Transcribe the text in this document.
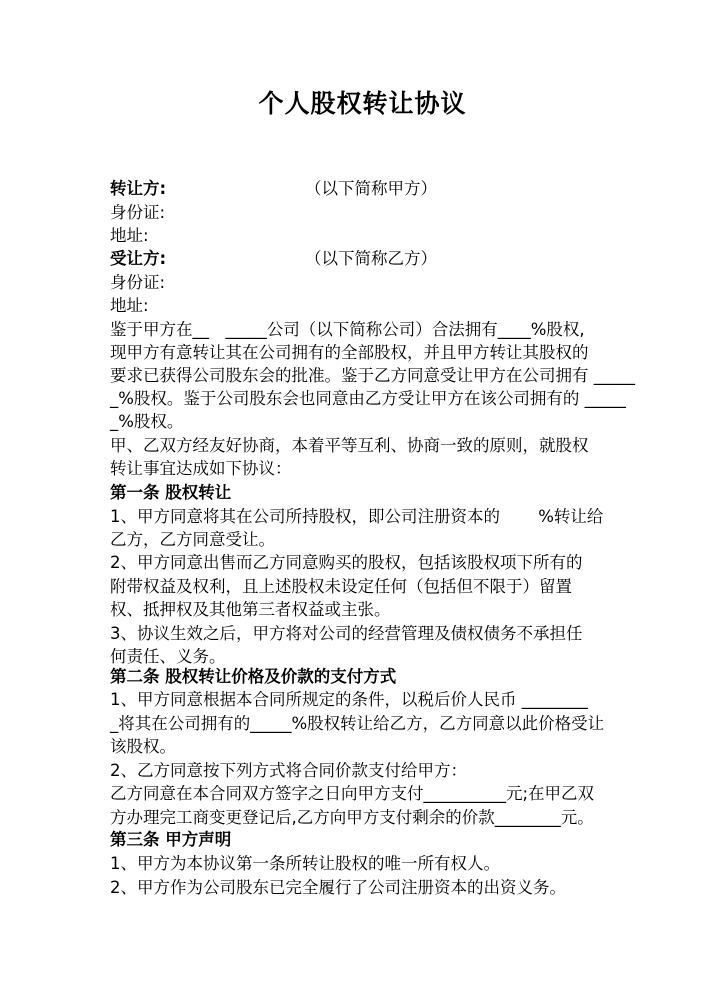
个人股权转让协议
转让方:	（以下简称甲方）
身份证:
地址:
受让方:	（以下简称乙方）
身份证:
地址:
鉴于甲方在__　_____公司（以下简称公司）合法拥有____%股权,
现甲方有意转让其在公司拥有的全部股权，并且甲方转让其股权的
要求已获得公司股东会的批准。鉴于乙方同意受让甲方在公司拥有 _____
_%股权。鉴于公司股东会也同意由乙方受让甲方在该公司拥有的 _____
_%股权。
甲、乙双方经友好协商，本着平等互利、协商一致的原则，就股权
转让事宜达成如下协议：
第一条 股权转让
1、甲方同意将其在公司所持股权，即公司注册资本的　　 %转让给
乙方，乙方同意受让。
2、甲方同意出售而乙方同意购买的股权，包括该股权项下所有的
附带权益及权利，且上述股权未设定任何（包括但不限于）留置
权、抵押权及其他第三者权益或主张。
3、协议生效之后，甲方将对公司的经营管理及债权债务不承担任
何责任、义务。
第二条 股权转让价格及价款的支付方式
1、甲方同意根据本合同所规定的条件，以税后价人民币 ________
_将其在公司拥有的_____%股权转让给乙方，乙方同意以此价格受让
该股权。
2、乙方同意按下列方式将合同价款支付给甲方：
乙方同意在本合同双方签字之日向甲方支付__________元;在甲乙双
方办理完工商变更登记后,乙方向甲方支付剩余的价款________元。
第三条 甲方声明
1、甲方为本协议第一条所转让股权的唯一所有权人。
2、甲方作为公司股东已完全履行了公司注册资本的出资义务。
